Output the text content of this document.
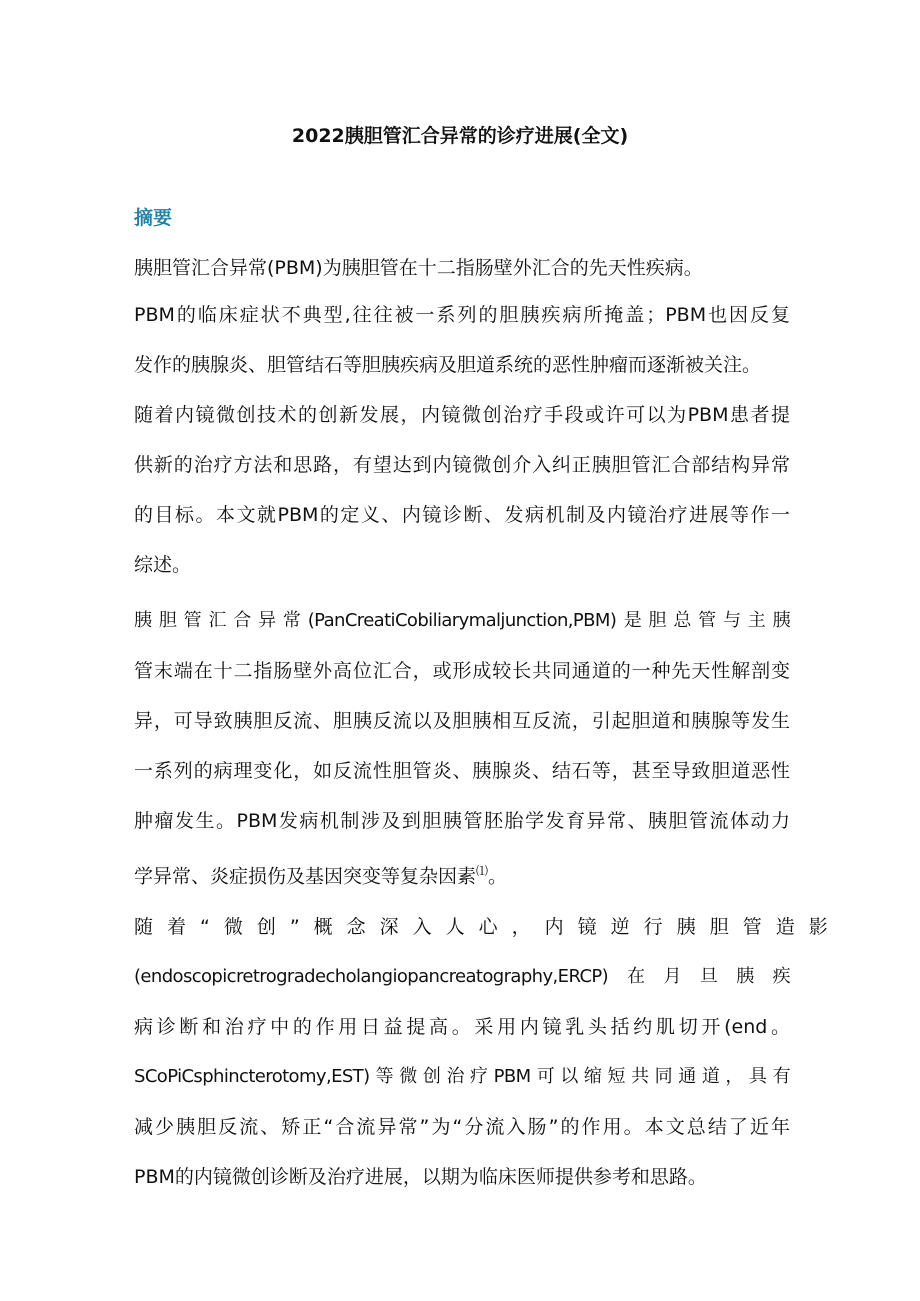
2022胰胆管汇合异常的诊疗进展(全文)
摘要
胰胆管汇合异常(PBM)为胰胆管在十二指肠壁外汇合的先天性疾病。
PBM的临床症状不典型,往往被一系列的胆胰疾病所掩盖；PBM也因反复
发作的胰腺炎、胆管结石等胆胰疾病及胆道系统的恶性肿瘤而逐渐被关注。
随着内镜微创技术的创新发展，内镜微创治疗手段或许可以为PBM患者提
供新的治疗方法和思路，有望达到内镜微创介入纠正胰胆管汇合部结构异常
的目标。本文就PBM的定义、内镜诊断、发病机制及内镜治疗进展等作一
综述。
胰胆管汇合异常(PanCreatiCobiliarymaljunction,PBM)是胆总管与主胰
管末端在十二指肠壁外高位汇合，或形成较长共同通道的一种先天性解剖变
异，可导致胰胆反流、胆胰反流以及胆胰相互反流，引起胆道和胰腺等发生
一系列的病理变化，如反流性胆管炎、胰腺炎、结石等，甚至导致胆道恶性
肿瘤发生。PBM发病机制涉及到胆胰管胚胎学发育异常、胰胆管流体动力
学异常、炎症损伤及基因突变等复杂因素⑴。
随着“微创”概念深入人心，内镜逆行胰胆管造影
(endoscopicretrogradecholangiopancreatography,ERCP)在月旦胰疾
病诊断和治疗中的作用日益提高。采用内镜乳头括约肌切开(end。
SCoPiCsphincterotomy,EST)等微创治疗PBM可以缩短共同通道，具有
减少胰胆反流、矫正“合流异常”为“分流入肠”的作用。本文总结了近年
PBM的内镜微创诊断及治疗进展，以期为临床医师提供参考和思路。
